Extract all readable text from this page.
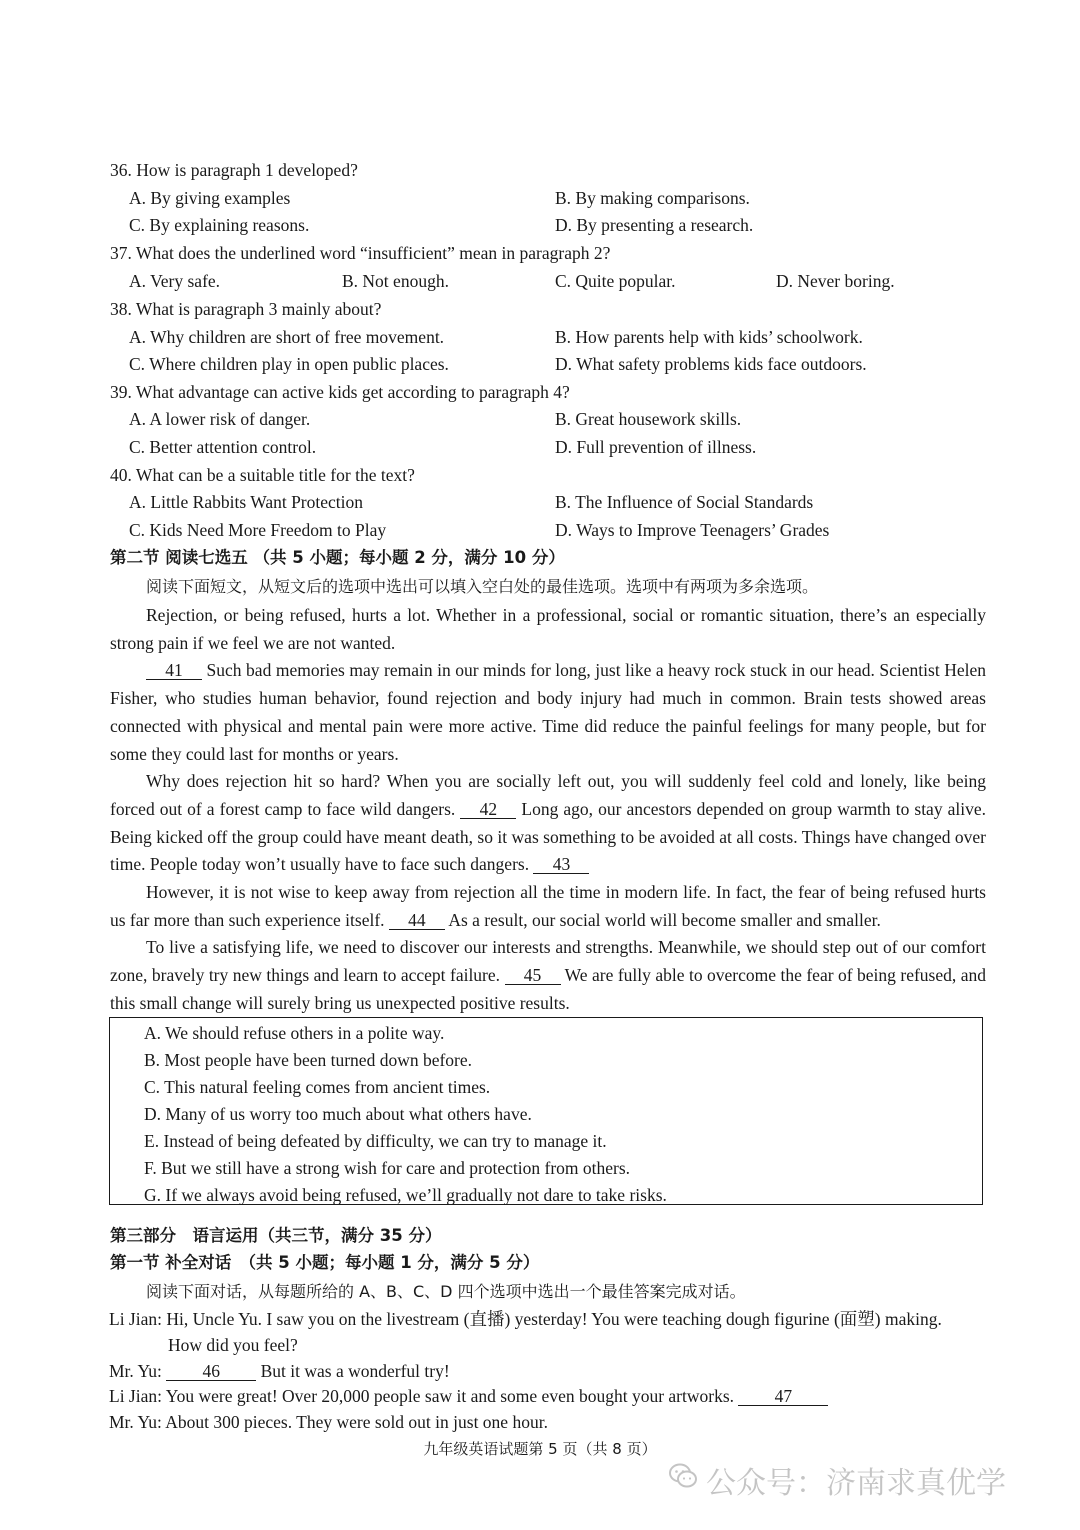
36. How is paragraph 1 developed?
A. By giving examples	B. By making comparisons.
C. By explaining reasons.	D. By presenting a research.
37. What does the underlined word “insufficient” mean in paragraph 2?
A. Very safe.	B. Not enough.	C. Quite popular.	D. Never boring.
38. What is paragraph 3 mainly about?
A. Why children are short of free movement.	B. How parents help with kids’ schoolwork.
C. Where children play in open public places.	D. What safety problems kids face outdoors.
39. What advantage can active kids get according to paragraph 4?
A. A lower risk of danger.	B. Great housework skills.
C. Better attention control.	D. Full prevention of illness.
40. What can be a suitable title for the text?
A. Little Rabbits Want Protection	B. The Influence of Social Standards
C. Kids Need More Freedom to Play	D. Ways to Improve Teenagers’ Grades
第二节 阅读七选五 （共 5 小题；每小题 2 分，满分 10 分）
阅读下面短文，从短文后的选项中选出可以填入空白处的最佳选项。选项中有两项为多余选项。

Rejection, or being refused, hurts a lot. Whether in a professional, social or romantic situation, there’s an especially strong pain if we feel we are not wanted.

41 Such bad memories may remain in our minds for long, just like a heavy rock stuck in our head. Scientist Helen Fisher, who studies human behavior, found rejection and body injury had much in common. Brain tests showed areas connected with physical and mental pain were more active. Time did reduce the painful feelings for many people, but for some they could last for months or years.

Why does rejection hit so hard? When you are socially left out, you will suddenly feel cold and lonely, like being forced out of a forest camp to face wild dangers. 42 Long ago, our ancestors depended on group warmth to stay alive. Being kicked off the group could have meant death, so it was something to be avoided at all costs. Things have changed over time. People today won’t usually have to face such dangers. 43

However, it is not wise to keep away from rejection all the time in modern life. In fact, the fear of being refused hurts us far more than such experience itself. 44 As a result, our social world will become smaller and smaller.

To live a satisfying life, we need to discover our interests and strengths. Meanwhile, we should step out of our comfort zone, bravely try new things and learn to accept failure. 45 We are fully able to overcome the fear of being refused, and this small change will surely bring us unexpected positive results.

A. We should refuse others in a polite way.
B. Most people have been turned down before.
C. This natural feeling comes from ancient times.
D. Many of us worry too much about what others have.
E. Instead of being defeated by difficulty, we can try to manage it.
F. But we still have a strong wish for care and protection from others.
G. If we always avoid being refused, we’ll gradually not dare to take risks.
第三部分　语言运用（共三节，满分 35 分）
第一节 补全对话　（共 5 小题；每小题 1 分，满分 5 分）
阅读下面对话，从每题所给的 A、B、C、D 四个选项中选出一个最佳答案完成对话。
Li Jian: Hi, Uncle Yu. I saw you on the livestream (直播) yesterday! You were teaching dough figurine (面塑) making.
How did you feel?
Mr. Yu: 46 But it was a wonderful try!
Li Jian: You were great! Over 20,000 people saw it and some even bought your artworks. 47
Mr. Yu: About 300 pieces. They were sold out in just one hour.
九年级英语试题第 5 页（共 8 页）
公众号：济南求真优学
